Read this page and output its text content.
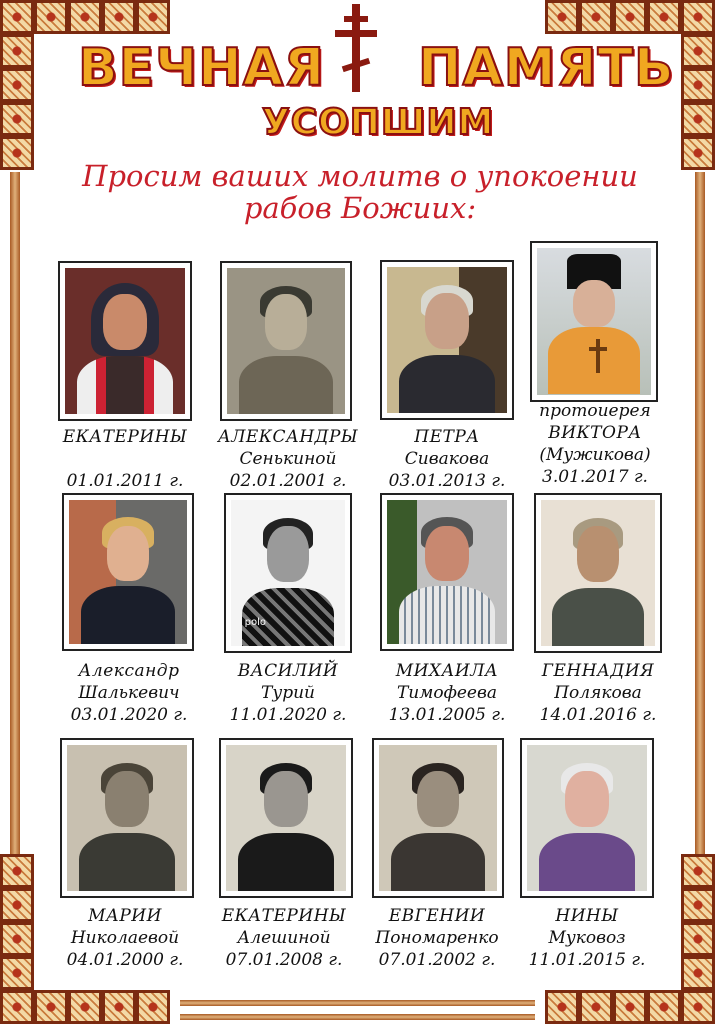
ВЕЧНАЯ ПАМЯТЬ
УСОПШИМ
Просим ваших молитв о упокоении
рабов Божиих:
ЕКАТЕРИНЫ
01.01.2011 г.
АЛЕКСАНДРЫ
Сенькиной
02.01.2001 г.
ПЕТРА
Сивакова
03.01.2013 г.
протоиерея
ВИКТОРА
(Мужикова)
3.01.2017 г.
polo
Александр
Шалькевич
03.01.2020 г.
ВАСИЛИЙ
Турий
11.01.2020 г.
МИХАИЛА
Тимофеева
13.01.2005 г.
ГЕННАДИЯ
Полякова
14.01.2016 г.
МАРИИ
Николаевой
04.01.2000 г.
ЕКАТЕРИНЫ
Алешиной
07.01.2008 г.
ЕВГЕНИИ
Пономаренко
07.01.2002 г.
НИНЫ
Муковоз
11.01.2015 г.
